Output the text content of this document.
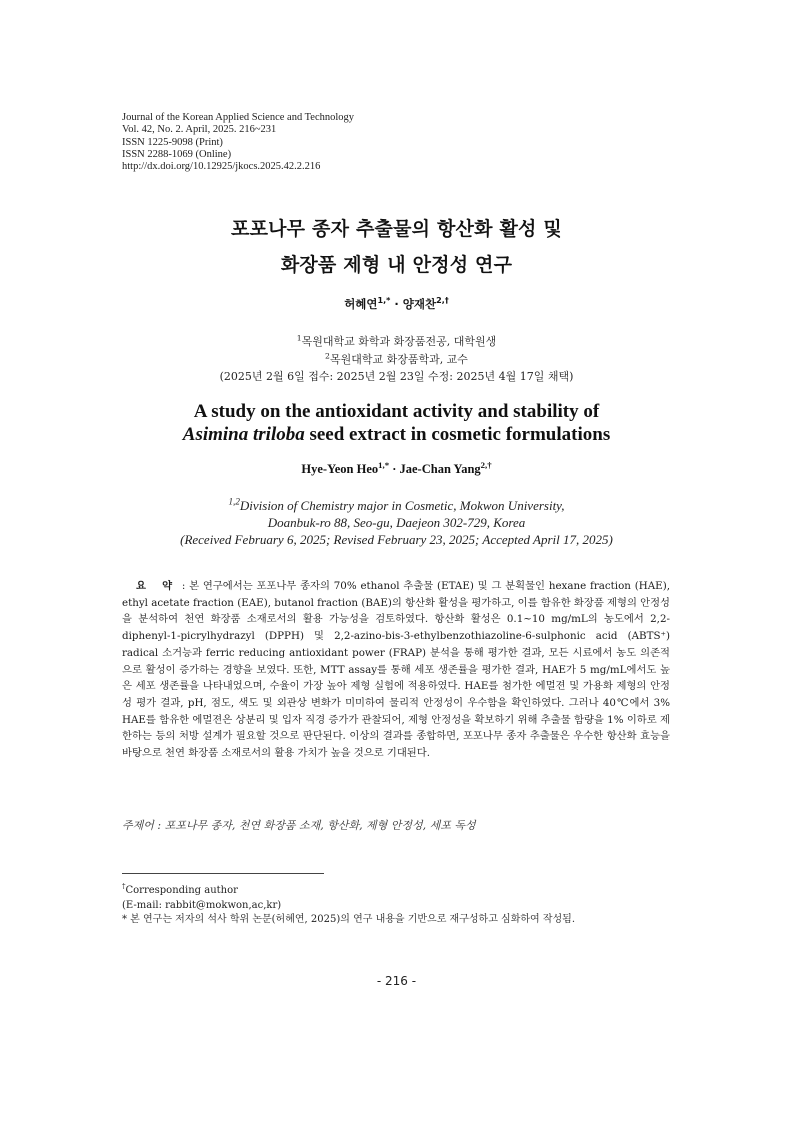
Journal of the Korean Applied Science and Technology
Vol. 42, No. 2. April, 2025. 216~231
ISSN 1225-9098 (Print)
ISSN 2288-1069 (Online)
http://dx.doi.org/10.12925/jkocs.2025.42.2.216
포포나무 종자 추출물의 항산화 활성 및
화장품 제형 내 안정성 연구
허혜연$^{1,*}$ · 양재찬$^{2,\dagger}$
$^1$목원대학교 화학과 화장품전공, 대학원생
$^2$목원대학교 화장품학과, 교수
(2025년 2월 6일 접수: 2025년 2월 23일 수정: 2025년 4월 17일 채택)
A study on the antioxidant activity and stability of
Asimina triloba seed extract in cosmetic formulations
Hye-Yeon Heo$^{1,*}$ · Jae-Chan Yang$^{2,\dagger}$
$^{1,2}$Division of Chemistry major in Cosmetic, Mokwon University,
Doanbuk-ro 88, Seo-gu, Daejeon 302-729, Korea
(Received February 6, 2025; Revised February 23, 2025; Accepted April 17, 2025)
요 약 : 본 연구에서는 포포나무 종자의 70% ethanol 추출물 (ETAE) 및 그 분획물인 hexane fraction (HAE), ethyl acetate fraction (EAE), butanol fraction (BAE)의 항산화 활성을 평가하고, 이를 함유한 화장품 제형의 안정성을 분석하여 천연 화장품 소재로서의 활용 가능성을 검토하였다. 항산화 활성은 0.1~10 mg/mL의 농도에서 2,2-diphenyl-1-picrylhydrazyl (DPPH) 및 2,2-azino-bis-3-ethylbenzothiazoline-6-sulphonic acid (ABTS⁺) radical 소거능과 ferric reducing antioxidant power (FRAP) 분석을 통해 평가한 결과, 모든 시료에서 농도 의존적으로 활성이 증가하는 경향을 보였다. 또한, MTT assay를 통해 세포 생존률을 평가한 결과, HAE가 5 mg/mL에서도 높은 세포 생존률을 나타내었으며, 수율이 가장 높아 제형 실험에 적용하였다. HAE를 첨가한 에멀젼 및 가용화 제형의 안정성 평가 결과, pH, 점도, 색도 및 외관상 변화가 미미하여 물리적 안정성이 우수함을 확인하였다. 그러나 40℃에서 3% HAE를 함유한 에멀젼은 상분리 및 입자 직경 증가가 관찰되어, 제형 안정성을 확보하기 위해 추출물 함량을 1% 이하로 제한하는 등의 처방 설계가 필요할 것으로 판단된다. 이상의 결과를 종합하면, 포포나무 종자 추출물은 우수한 항산화 효능을 바탕으로 천연 화장품 소재로서의 활용 가치가 높을 것으로 기대된다.
주제어 : 포포나무 종자, 천연 화장품 소재, 항산화, 제형 안정성, 세포 독성
†Corresponding author
(E-mail: rabbit@mokwon,ac,kr)
* 본 연구는 저자의 석사 학위 논문(허혜연, 2025)의 연구 내용을 기반으로 재구성하고 심화하여 작성됨.
- 216 -
